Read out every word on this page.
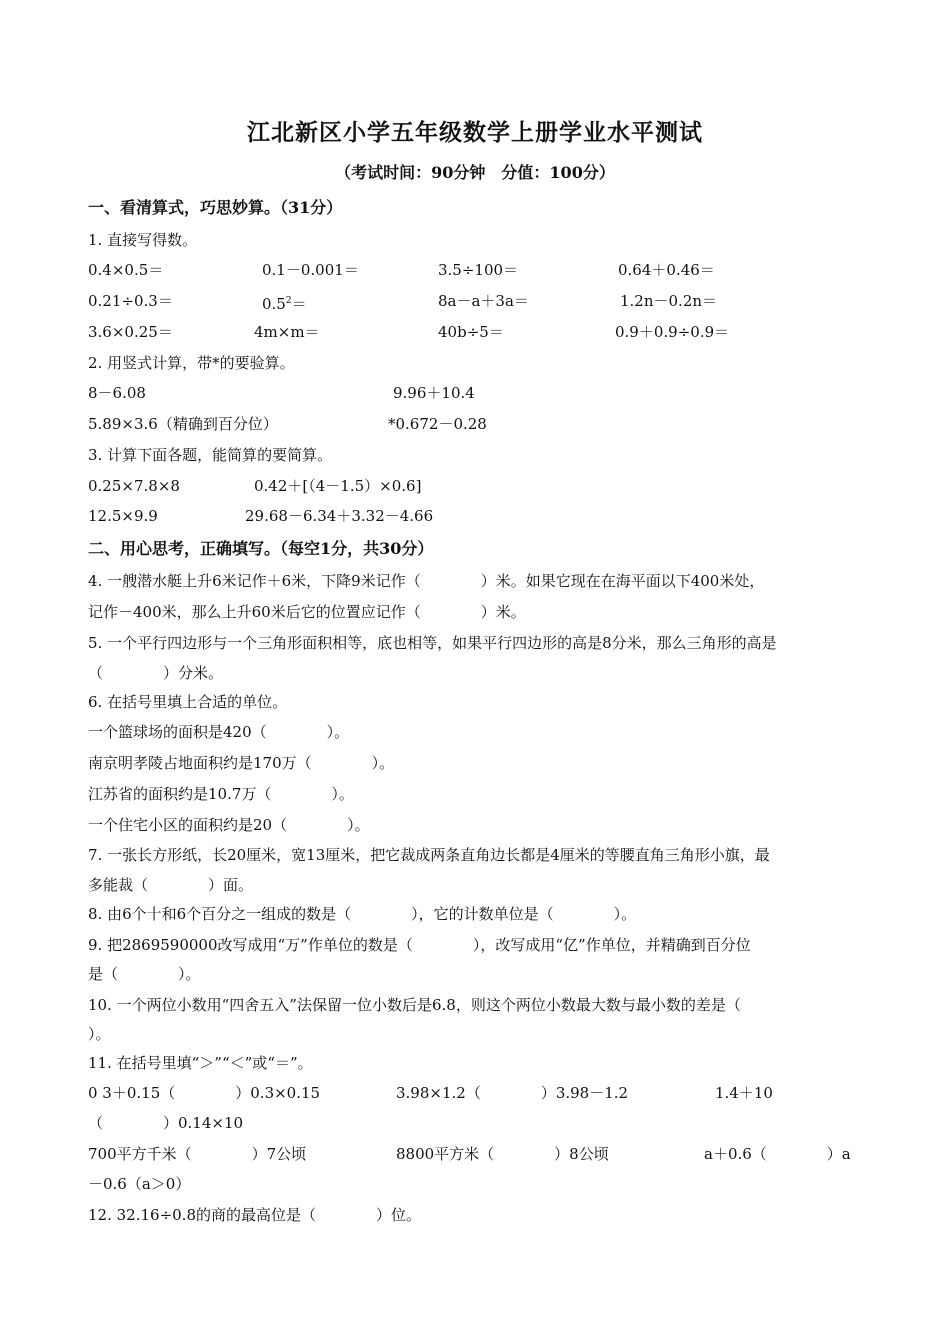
江北新区小学五年级数学上册学业水平测试
（考试时间：90分钟　分值：100分）
一、看清算式，巧思妙算。（31分）
1. 直接写得数。
0.4×0.5＝	0.1－0.001＝	3.5÷100＝	0.64＋0.46＝
0.21÷0.3＝	$0.5^2=$	8a－a＋3a＝	1.2n－0.2n＝
3.6×0.25＝	4m×m＝	40b÷5＝	0.9＋0.9÷0.9＝
2. 用竖式计算，带*的要验算。
8－6.08	9.96＋10.4
5.89×3.6（精确到百分位）	*0.672－0.28
3. 计算下面各题，能简算的要简算。
0.25×7.8×8	0.42＋[（4－1.5）×0.6]
12.5×9.9	29.68－6.34＋3.32－4.66
二、用心思考，正确填写。（每空1分，共30分）
4. 一艘潜水艇上升6米记作＋6米，下降9米记作（　　　　）米。如果它现在在海平面以下400米处，
记作－400米，那么上升60米后它的位置应记作（　　　　）米。
5. 一个平行四边形与一个三角形面积相等，底也相等，如果平行四边形的高是8分米，那么三角形的高是
（　　　　）分米。
6. 在括号里填上合适的单位。
一个篮球场的面积是420（　　　　）。
南京明孝陵占地面积约是170万（　　　　）。
江苏省的面积约是10.7万（　　　　）。
一个住宅小区的面积约是20（　　　　）。
7. 一张长方形纸，长20厘米，宽13厘米，把它裁成两条直角边长都是4厘米的等腰直角三角形小旗，最
多能裁（　　　　）面。
8. 由6个十和6个百分之一组成的数是（　　　　），它的计数单位是（　　　　）。
9. 把2869590000改写成用“万”作单位的数是（　　　　），改写成用“亿”作单位，并精确到百分位
是（　　　　）。
10. 一个两位小数用“四舍五入”法保留一位小数后是6.8，则这个两位小数最大数与最小数的差是（
）。
11. 在括号里填“＞”“＜”或“＝”。
0 3＋0.15（　　　　）0.3×0.15	3.98×1.2（　　　　）3.98－1.2	1.4＋10
（　　　　）0.14×10
700平方千米（　　　　）7公顷	8800平方米（　　　　）8公顷	a＋0.6（　　　　）a
－0.6（a＞0）
12. 32.16÷0.8的商的最高位是（　　　　）位。
